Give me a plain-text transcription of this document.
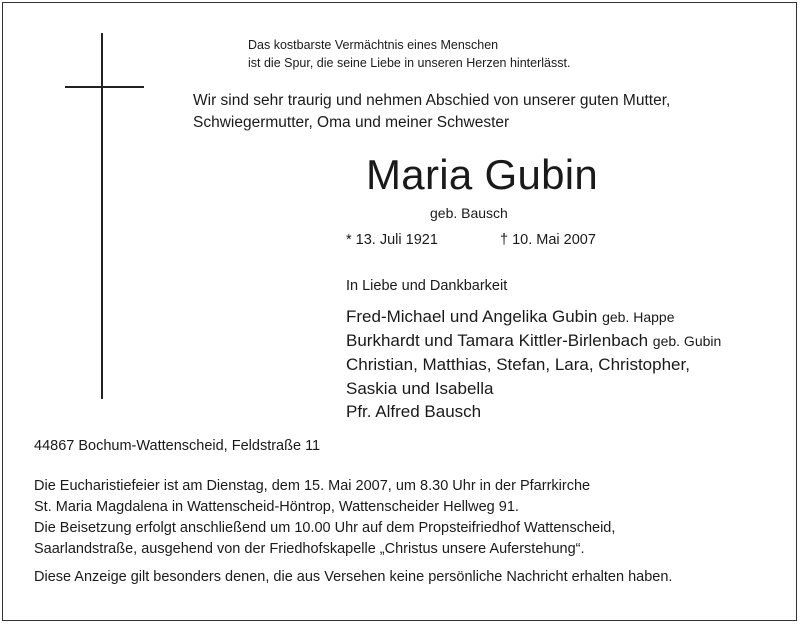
Das kostbarste Vermächtnis eines Menschen
ist die Spur, die seine Liebe in unseren Herzen hinterlässt.
Wir sind sehr traurig und nehmen Abschied von unserer guten Mutter,
Schwiegermutter, Oma und meiner Schwester
Maria Gubin
geb. Bausch
* 13. Juli 1921	† 10. Mai 2007
In Liebe und Dankbarkeit
Fred-Michael und Angelika Gubin geb. Happe
Burkhardt und Tamara Kittler-Birlenbach geb. Gubin
Christian, Matthias, Stefan, Lara, Christopher,
Saskia und Isabella
Pfr. Alfred Bausch
44867 Bochum-Wattenscheid, Feldstraße 11
Die Eucharistiefeier ist am Dienstag, dem 15. Mai 2007, um 8.30 Uhr in der Pfarrkirche
St. Maria Magdalena in Wattenscheid-Höntrop, Wattenscheider Hellweg 91.
Die Beisetzung erfolgt anschließend um 10.00 Uhr auf dem Propsteifriedhof Wattenscheid,
Saarlandstraße, ausgehend von der Friedhofskapelle „Christus unsere Auferstehung“.
Diese Anzeige gilt besonders denen, die aus Versehen keine persönliche Nachricht erhalten haben.
